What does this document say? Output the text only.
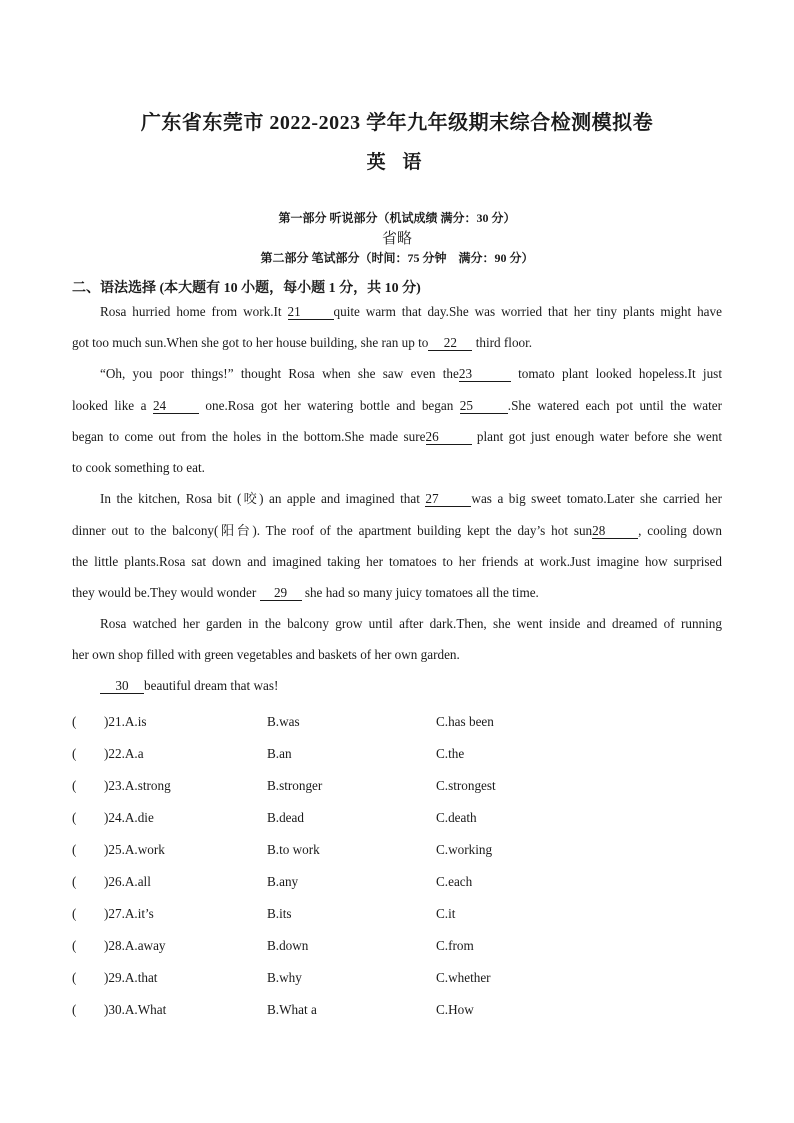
广东省东莞市 2022-2023 学年九年级期末综合检测模拟卷
英 语
第一部分 听说部分（机试成绩 满分：30 分）
省略
第二部分 笔试部分（时间：75 分钟　满分：90 分）
二、语法选择 (本大题有 10 小题，每小题 1 分，共 10 分)
Rosa hurried home from work.It 21 quite warm that day.She was worried that her tiny plants might have
got too much sun.When she got to her house building, she ran up to 22 third floor.
“Oh, you poor things!” thought Rosa when she saw even the23	tomato plant looked hopeless.It just
looked like a 24 one.Rosa got her watering bottle and began 25	.She watered each pot until the water
began to come out from the holes in the bottom.She made sure26 plant got just enough water before she went
to cook something to eat.
In the kitchen, Rosa bit (咬) an apple and imagined that 27 was a big sweet tomato.Later she carried her
dinner out to the balcony(阳台). The roof of the apartment building kept the day’s hot sun28 , cooling down
the little plants.Rosa sat down and imagined taking her tomatoes to her friends at work.Just imagine how surprised
they would be.They would wonder 29 she had so many juicy tomatoes all the time.
Rosa watched her garden in the balcony grow until after dark.Then, she went inside and dreamed of running
her own shop filled with green vegetables and baskets of her own garden.
30 beautiful dream that was!
( )21.A.is	B.was	C.has been
( )22.A.a	B.an	C.the
( )23.A.strong	B.stronger	C.strongest
( )24.A.die	B.dead	C.death
( )25.A.work	B.to work	C.working
( )26.A.all	B.any	C.each
( )27.A.it’s	B.its	C.it
( )28.A.away	B.down	C.from
( )29.A.that	B.why	C.whether
( )30.A.What	B.What a	C.How
